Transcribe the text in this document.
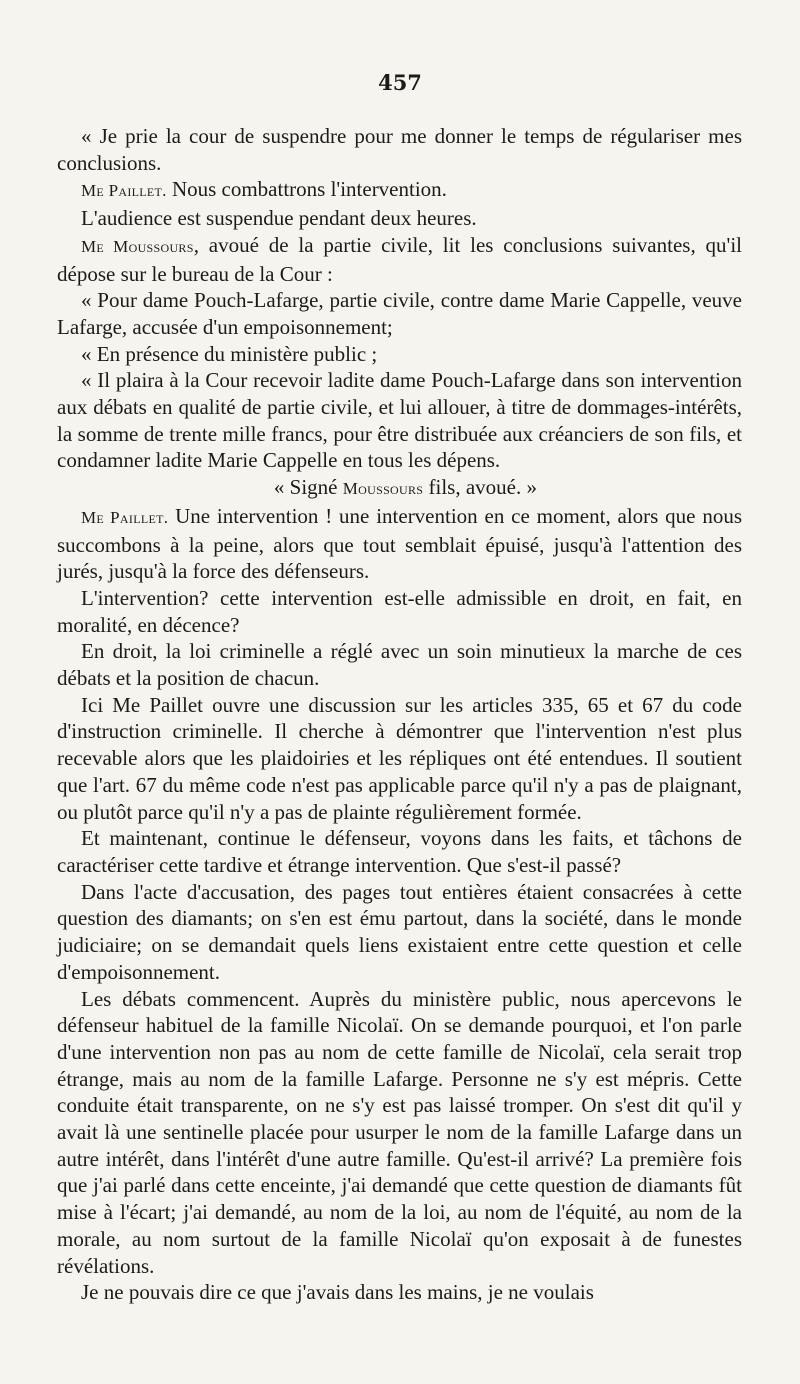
457

« Je prie la cour de suspendre pour me donner le temps de régulariser mes conclusions.

Me Paillet. Nous combattrons l'intervention.

L'audience est suspendue pendant deux heures.

Me Moussours, avoué de la partie civile, lit les conclusions suivantes, qu'il dépose sur le bureau de la Cour :

« Pour dame Pouch-Lafarge, partie civile, contre dame Marie Cappelle, veuve Lafarge, accusée d'un empoisonnement;

« En présence du ministère public ;

« Il plaira à la Cour recevoir ladite dame Pouch-Lafarge dans son intervention aux débats en qualité de partie civile, et lui allouer, à titre de dommages-intérêts, la somme de trente mille francs, pour être distribuée aux créanciers de son fils, et condamner ladite Marie Cappelle en tous les dépens.

« Signé Moussours fils, avoué. »

Me Paillet. Une intervention ! une intervention en ce moment, alors que nous succombons à la peine, alors que tout semblait épuisé, jusqu'à l'attention des jurés, jusqu'à la force des défenseurs.

L'intervention? cette intervention est-elle admissible en droit, en fait, en moralité, en décence?

En droit, la loi criminelle a réglé avec un soin minutieux la marche de ces débats et la position de chacun.

Ici Me Paillet ouvre une discussion sur les articles 335, 65 et 67 du code d'instruction criminelle. Il cherche à démontrer que l'intervention n'est plus recevable alors que les plaidoiries et les répliques ont été entendues. Il soutient que l'art. 67 du même code n'est pas applicable parce qu'il n'y a pas de plaignant, ou plutôt parce qu'il n'y a pas de plainte régulièrement formée.

Et maintenant, continue le défenseur, voyons dans les faits, et tâchons de caractériser cette tardive et étrange intervention. Que s'est-il passé?

Dans l'acte d'accusation, des pages tout entières étaient consacrées à cette question des diamants; on s'en est ému partout, dans la société, dans le monde judiciaire; on se demandait quels liens existaient entre cette question et celle d'empoisonnement.

Les débats commencent. Auprès du ministère public, nous apercevons le défenseur habituel de la famille Nicolaï. On se demande pourquoi, et l'on parle d'une intervention non pas au nom de cette famille de Nicolaï, cela serait trop étrange, mais au nom de la famille Lafarge. Personne ne s'y est mépris. Cette conduite était transparente, on ne s'y est pas laissé tromper. On s'est dit qu'il y avait là une sentinelle placée pour usurper le nom de la famille Lafarge dans un autre intérêt, dans l'intérêt d'une autre famille. Qu'est-il arrivé? La première fois que j'ai parlé dans cette enceinte, j'ai demandé que cette question de diamants fût mise à l'écart; j'ai demandé, au nom de la loi, au nom de l'équité, au nom de la morale, au nom surtout de la famille Nicolaï qu'on exposait à de funestes révélations.

Je ne pouvais dire ce que j'avais dans les mains, je ne voulais
